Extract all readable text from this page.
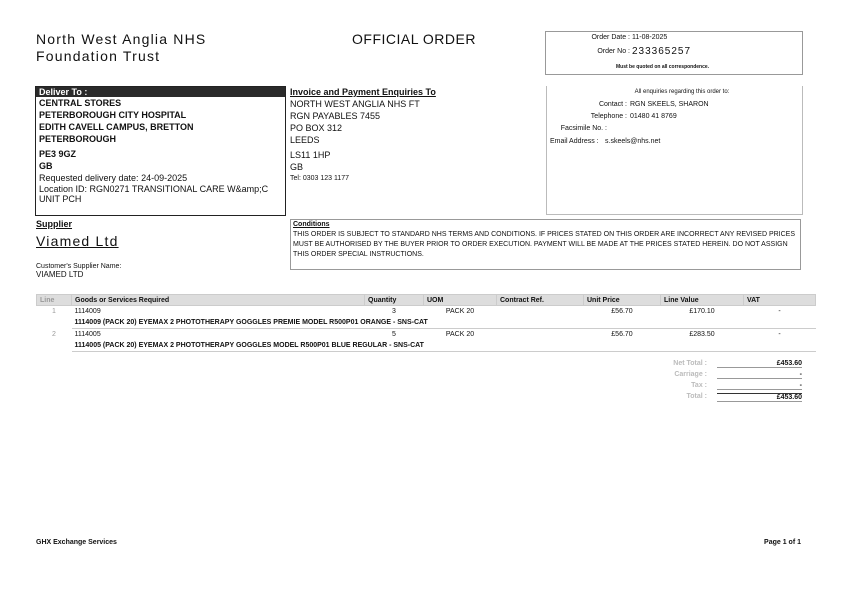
North West Anglia NHS
Foundation Trust
OFFICIAL ORDER	Order Date : 11-08-2025
Order No : 233365257
Must be quoted on all correspondence.
Deliver To :
CENTRAL STORES
PETERBOROUGH CITY HOSPITAL
EDITH CAVELL CAMPUS, BRETTON
PETERBOROUGH
PE3 9GZ
GB
Requested delivery date: 24-09-2025
Location ID: RGN0271 TRANSITIONAL CARE W&amp;C UNIT PCH
Invoice and Payment Enquiries To
NORTH WEST ANGLIA NHS FT
RGN PAYABLES 7455
PO BOX 312
LEEDS
LS11 1HP
GB
Tel: 0303 123 1177
All enquiries regarding this order to:
Contact : RGN SKEELS, SHARON
Telephone : 01480 41 8769
Facsimile No. :
Email Address : s.skeels@nhs.net
Supplier
Viamed Ltd
Customer's Supplier Name:
VIAMED LTD
Conditions
THIS ORDER IS SUBJECT TO STANDARD NHS TERMS AND CONDITIONS. IF PRICES STATED ON THIS ORDER ARE INCORRECT ANY REVISED PRICES MUST BE AUTHORISED BY THE BUYER PRIOR TO ORDER EXECUTION. PAYMENT WILL BE MADE AT THE PRICES STATED HEREIN. DO NOT ASSIGN THIS ORDER SPECIAL INSTRUCTIONS.
Line	Goods or Services Required	Quantity	UOM	Contract Ref.	Unit Price	Line Value	VAT
1	1114009	3	PACK 20		£56.70	£170.10	-
	1114009 (PACK 20) EYEMAX 2 PHOTOTHERAPY GOGGLES PREMIE MODEL R500P01 ORANGE - SNS-CAT						
2	1114005	5	PACK 20		£56.70	£283.50	-
	1114005 (PACK 20) EYEMAX 2 PHOTOTHERAPY GOGGLES MODEL R500P01 BLUE REGULAR - SNS-CAT						
Net Total :	£453.60
Carriage :	-
Tax :	-
Total :	£453.60
GHX Exchange Services	Page 1 of 1
